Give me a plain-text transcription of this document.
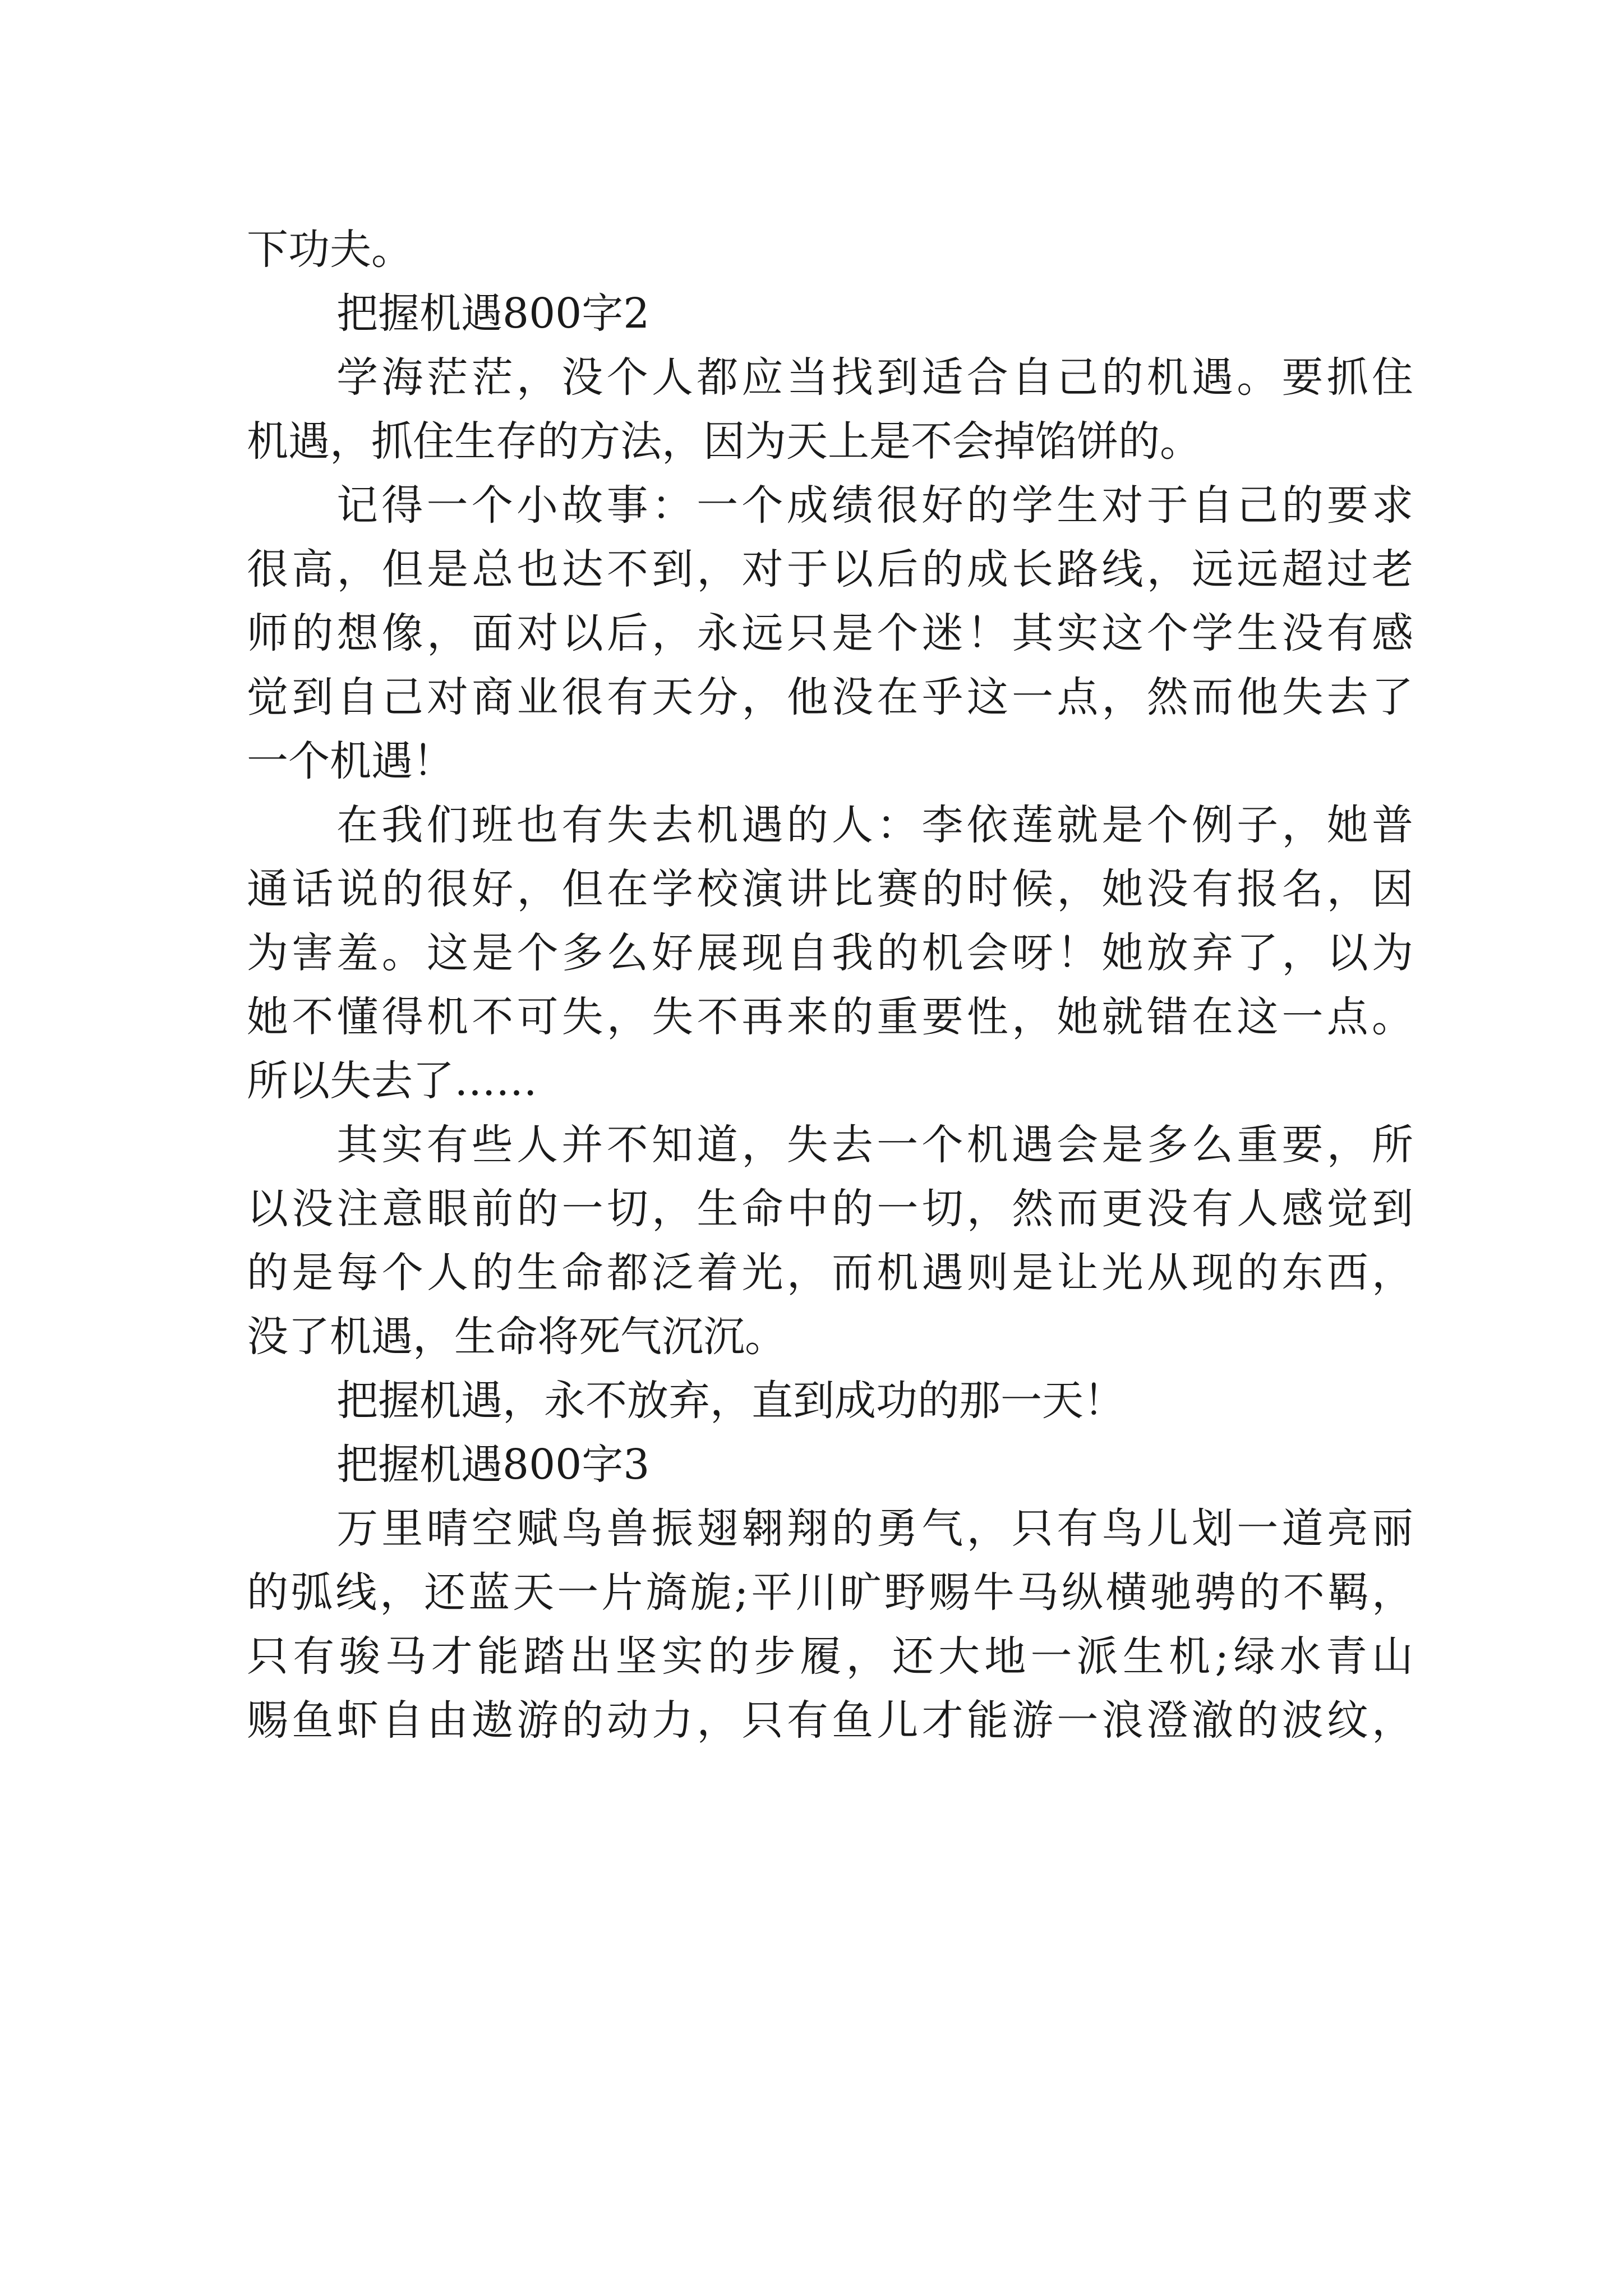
下功夫。
把握机遇800字2
学海茫茫，没个人都应当找到适合自己的机遇。要抓住
机遇，抓住生存的方法，因为天上是不会掉馅饼的。
记得一个小故事：一个成绩很好的学生对于自己的要求
很高，但是总也达不到，对于以后的成长路线，远远超过老
师的想像，面对以后，永远只是个迷！其实这个学生没有感
觉到自己对商业很有天分，他没在乎这一点，然而他失去了
一个机遇！
在我们班也有失去机遇的人：李依莲就是个例子，她普
通话说的很好，但在学校演讲比赛的时候，她没有报名，因
为害羞。这是个多么好展现自我的机会呀！她放弃了，以为
她不懂得机不可失，失不再来的重要性，她就错在这一点。
所以失去了……
其实有些人并不知道，失去一个机遇会是多么重要，所
以没注意眼前的一切，生命中的一切，然而更没有人感觉到
的是每个人的生命都泛着光，而机遇则是让光从现的东西，
没了机遇，生命将死气沉沉。
把握机遇，永不放弃，直到成功的那一天！
把握机遇800字3
万里晴空赋鸟兽振翅翱翔的勇气，只有鸟儿划一道亮丽
的弧线，还蓝天一片旖旎;平川旷野赐牛马纵横驰骋的不羁，
只有骏马才能踏出坚实的步履，还大地一派生机;绿水青山
赐鱼虾自由遨游的动力，只有鱼儿才能游一浪澄澈的波纹，
